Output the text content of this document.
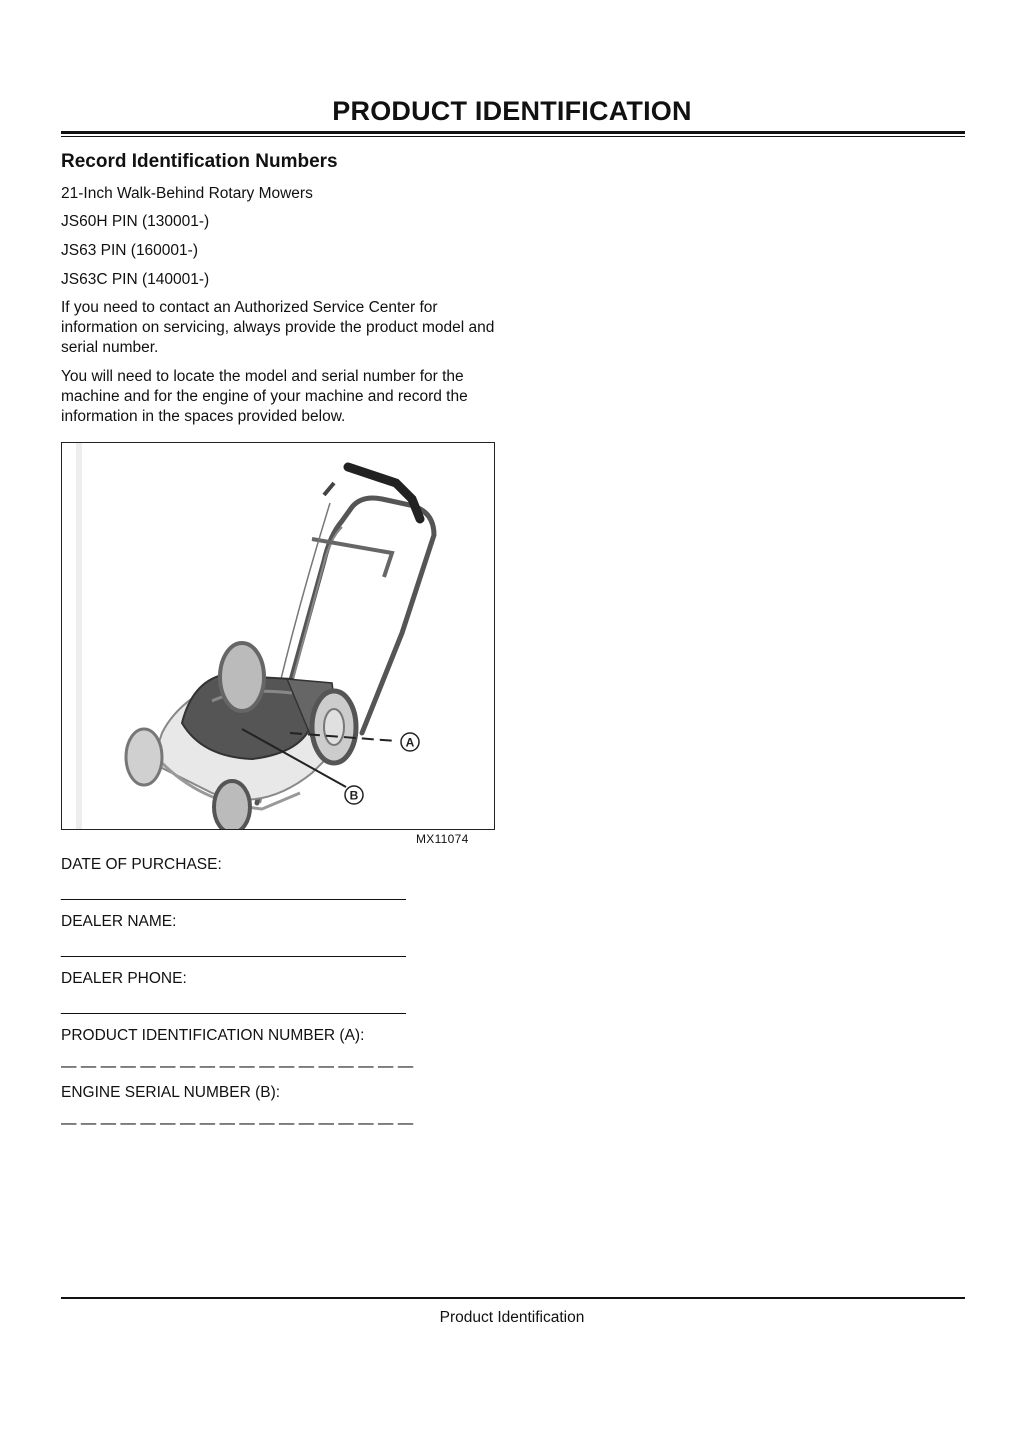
PRODUCT IDENTIFICATION
Record Identification Numbers
21-Inch Walk-Behind Rotary Mowers
JS60H PIN (130001-)
JS63 PIN (160001-)
JS63C PIN (140001-)
If you need to contact an Authorized Service Center for information on servicing, always provide the product model and serial number.
You will need to locate the model and serial number for the machine and for the engine of your machine and record the information in the spaces provided below.
A
B
MX11074
DATE OF PURCHASE:
________________________________________
DEALER NAME:
________________________________________
DEALER PHONE:
________________________________________
PRODUCT IDENTIFICATION NUMBER (A):
— — — — — — — — — — — — — — — — — —
ENGINE SERIAL NUMBER (B):
— — — — — — — — — — — — — — — — — —
Product Identification
